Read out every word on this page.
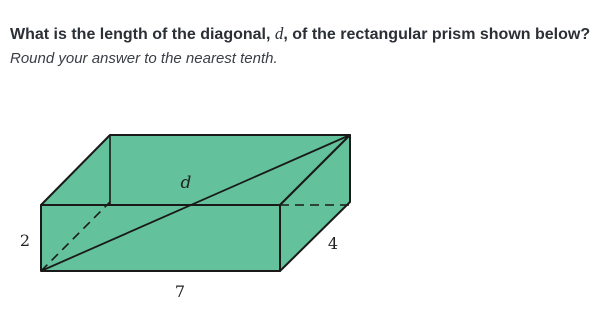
What is the length of the diagonal, d, of the rectangular prism shown below?
Round your answer to the nearest tenth.
d
2	4
7
